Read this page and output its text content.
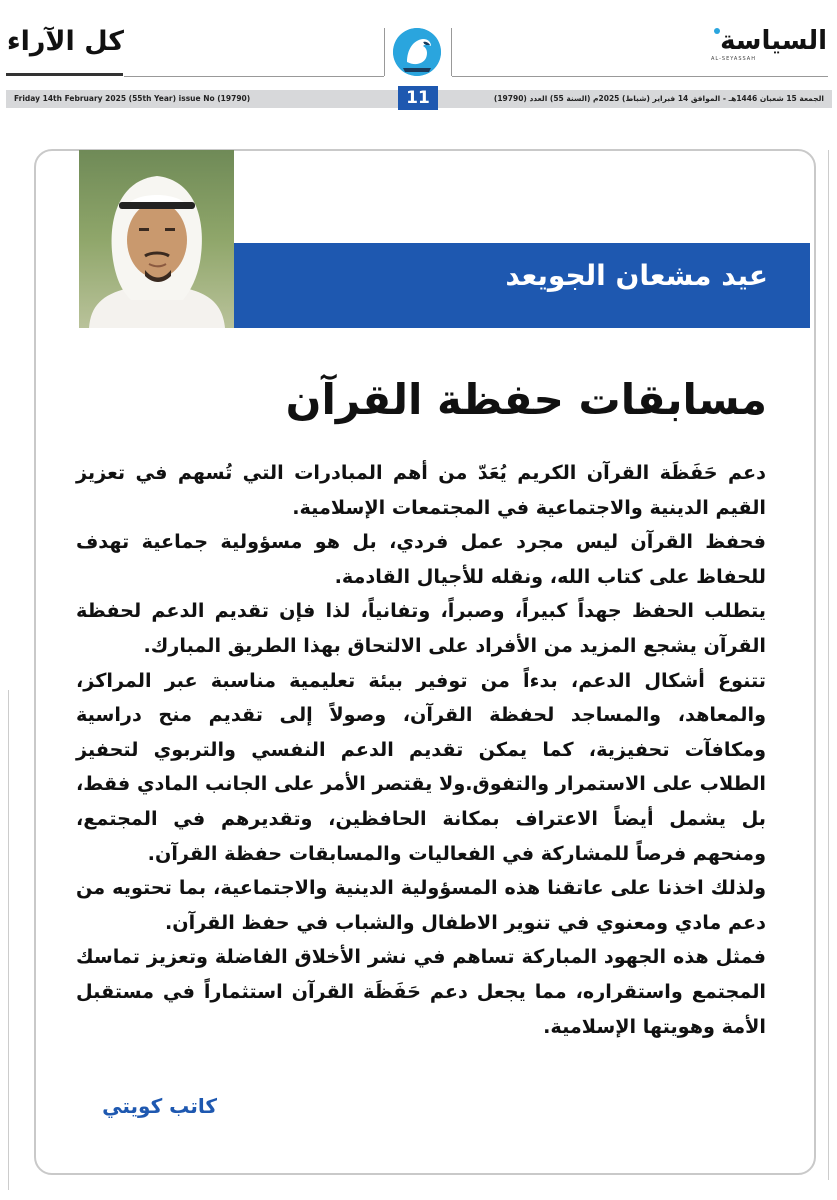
كل الآراء	السياسة
AL-SEYASSAH
Friday 14th February 2025 (55th Year) issue No (19790)	الجمعة 15 شعبان 1446هـ - الموافق 14 فبراير (شباط) 2025م (السنة 55) العدد (19790)
11
عيد مشعان الجويعد
مسابقات حفظة القرآن

دعم حَفَظَة القرآن الكريم يُعَدّ من أهم المبادرات التي تُسهم في تعزيز القيم الدينية والاجتماعية في المجتمعات الإسلامية.

فحفظ القرآن ليس مجرد عمل فردي، بل هو مسؤولية جماعية تهدف للحفاظ على كتاب الله، ونقله للأجيال القادمة.

يتطلب الحفظ جهداً كبيراً، وصبراً، وتفانياً، لذا فإن تقديم الدعم لحفظة القرآن يشجع المزيد من الأفراد على الالتحاق بهذا الطريق المبارك.

تتنوع أشكال الدعم، بدءاً من توفير بيئة تعليمية مناسبة عبر المراكز، والمعاهد، والمساجد لحفظة القرآن، وصولاً إلى تقديم منح دراسية ومكافآت تحفيزية، كما يمكن تقديم الدعم النفسي والتربوي لتحفيز الطلاب على الاستمرار والتفوق.ولا يقتصر الأمر على الجانب المادي فقط، بل يشمل أيضاً الاعتراف بمكانة الحافظين، وتقديرهم في المجتمع، ومنحهم فرصاً للمشاركة في الفعاليات والمسابقات حفظة القرآن.

ولذلك اخذنا على عاتقنا هذه المسؤولية الدينية والاجتماعية، بما تحتويه من دعم مادي ومعنوي في تنوير الاطفال والشباب في حفظ القرآن.

فمثل هذه الجهود المباركة تساهم في نشر الأخلاق الفاضلة وتعزيز تماسك المجتمع واستقراره، مما يجعل دعم حَفَظَة القرآن استثماراً في مستقبل الأمة وهويتها الإسلامية.

كاتب كويتي
